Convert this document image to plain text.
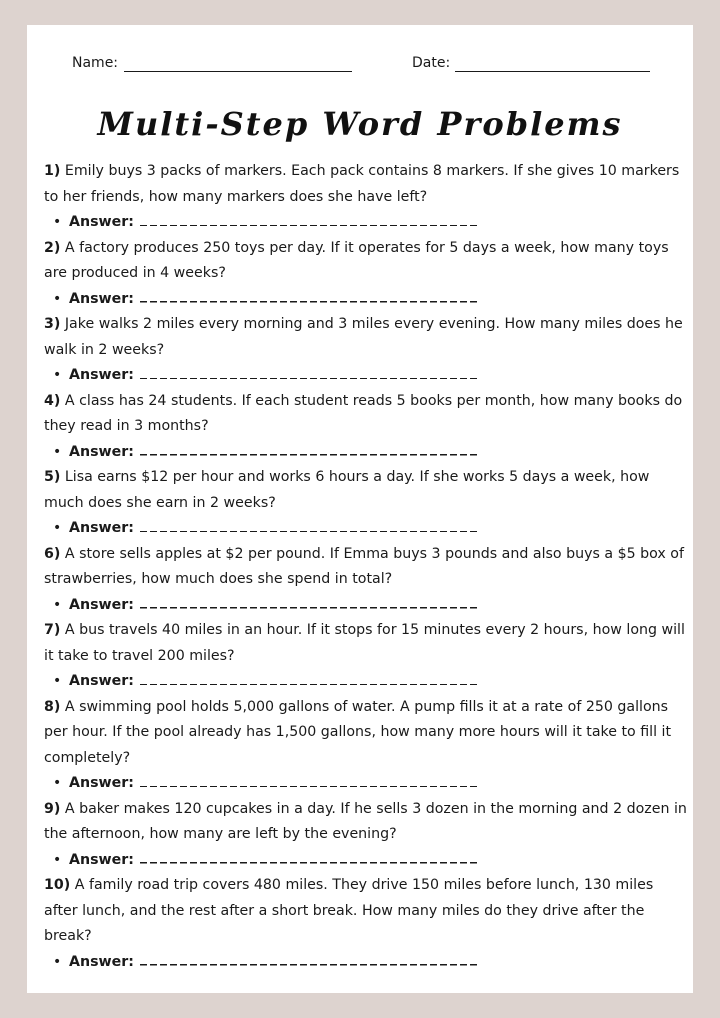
Name:	Date:
Multi-Step Word Problems

1) Emily buys 3 packs of markers. Each pack contains 8 markers. If she gives 10 markers to her friends, how many markers does she have left?

• Answer:

2) A factory produces 250 toys per day. If it operates for 5 days a week, how many toys are produced in 4 weeks?

• Answer:

3) Jake walks 2 miles every morning and 3 miles every evening. How many miles does he walk in 2 weeks?

• Answer:

4) A class has 24 students. If each student reads 5 books per month, how many books do they read in 3 months?

• Answer:

5) Lisa earns $12 per hour and works 6 hours a day. If she works 5 days a week, how much does she earn in 2 weeks?

• Answer:

6) A store sells apples at $2 per pound. If Emma buys 3 pounds and also buys a $5 box of strawberries, how much does she spend in total?

• Answer:

7) A bus travels 40 miles in an hour. If it stops for 15 minutes every 2 hours, how long will it take to travel 200 miles?

• Answer:

8) A swimming pool holds 5,000 gallons of water. A pump fills it at a rate of 250 gallons per hour. If the pool already has 1,500 gallons, how many more hours will it take to fill it completely?

• Answer:

9) A baker makes 120 cupcakes in a day. If he sells 3 dozen in the morning and 2 dozen in the afternoon, how many are left by the evening?

• Answer:

10) A family road trip covers 480 miles. They drive 150 miles before lunch, 130 miles after lunch, and the rest after a short break. How many miles do they drive after the break?

• Answer:
